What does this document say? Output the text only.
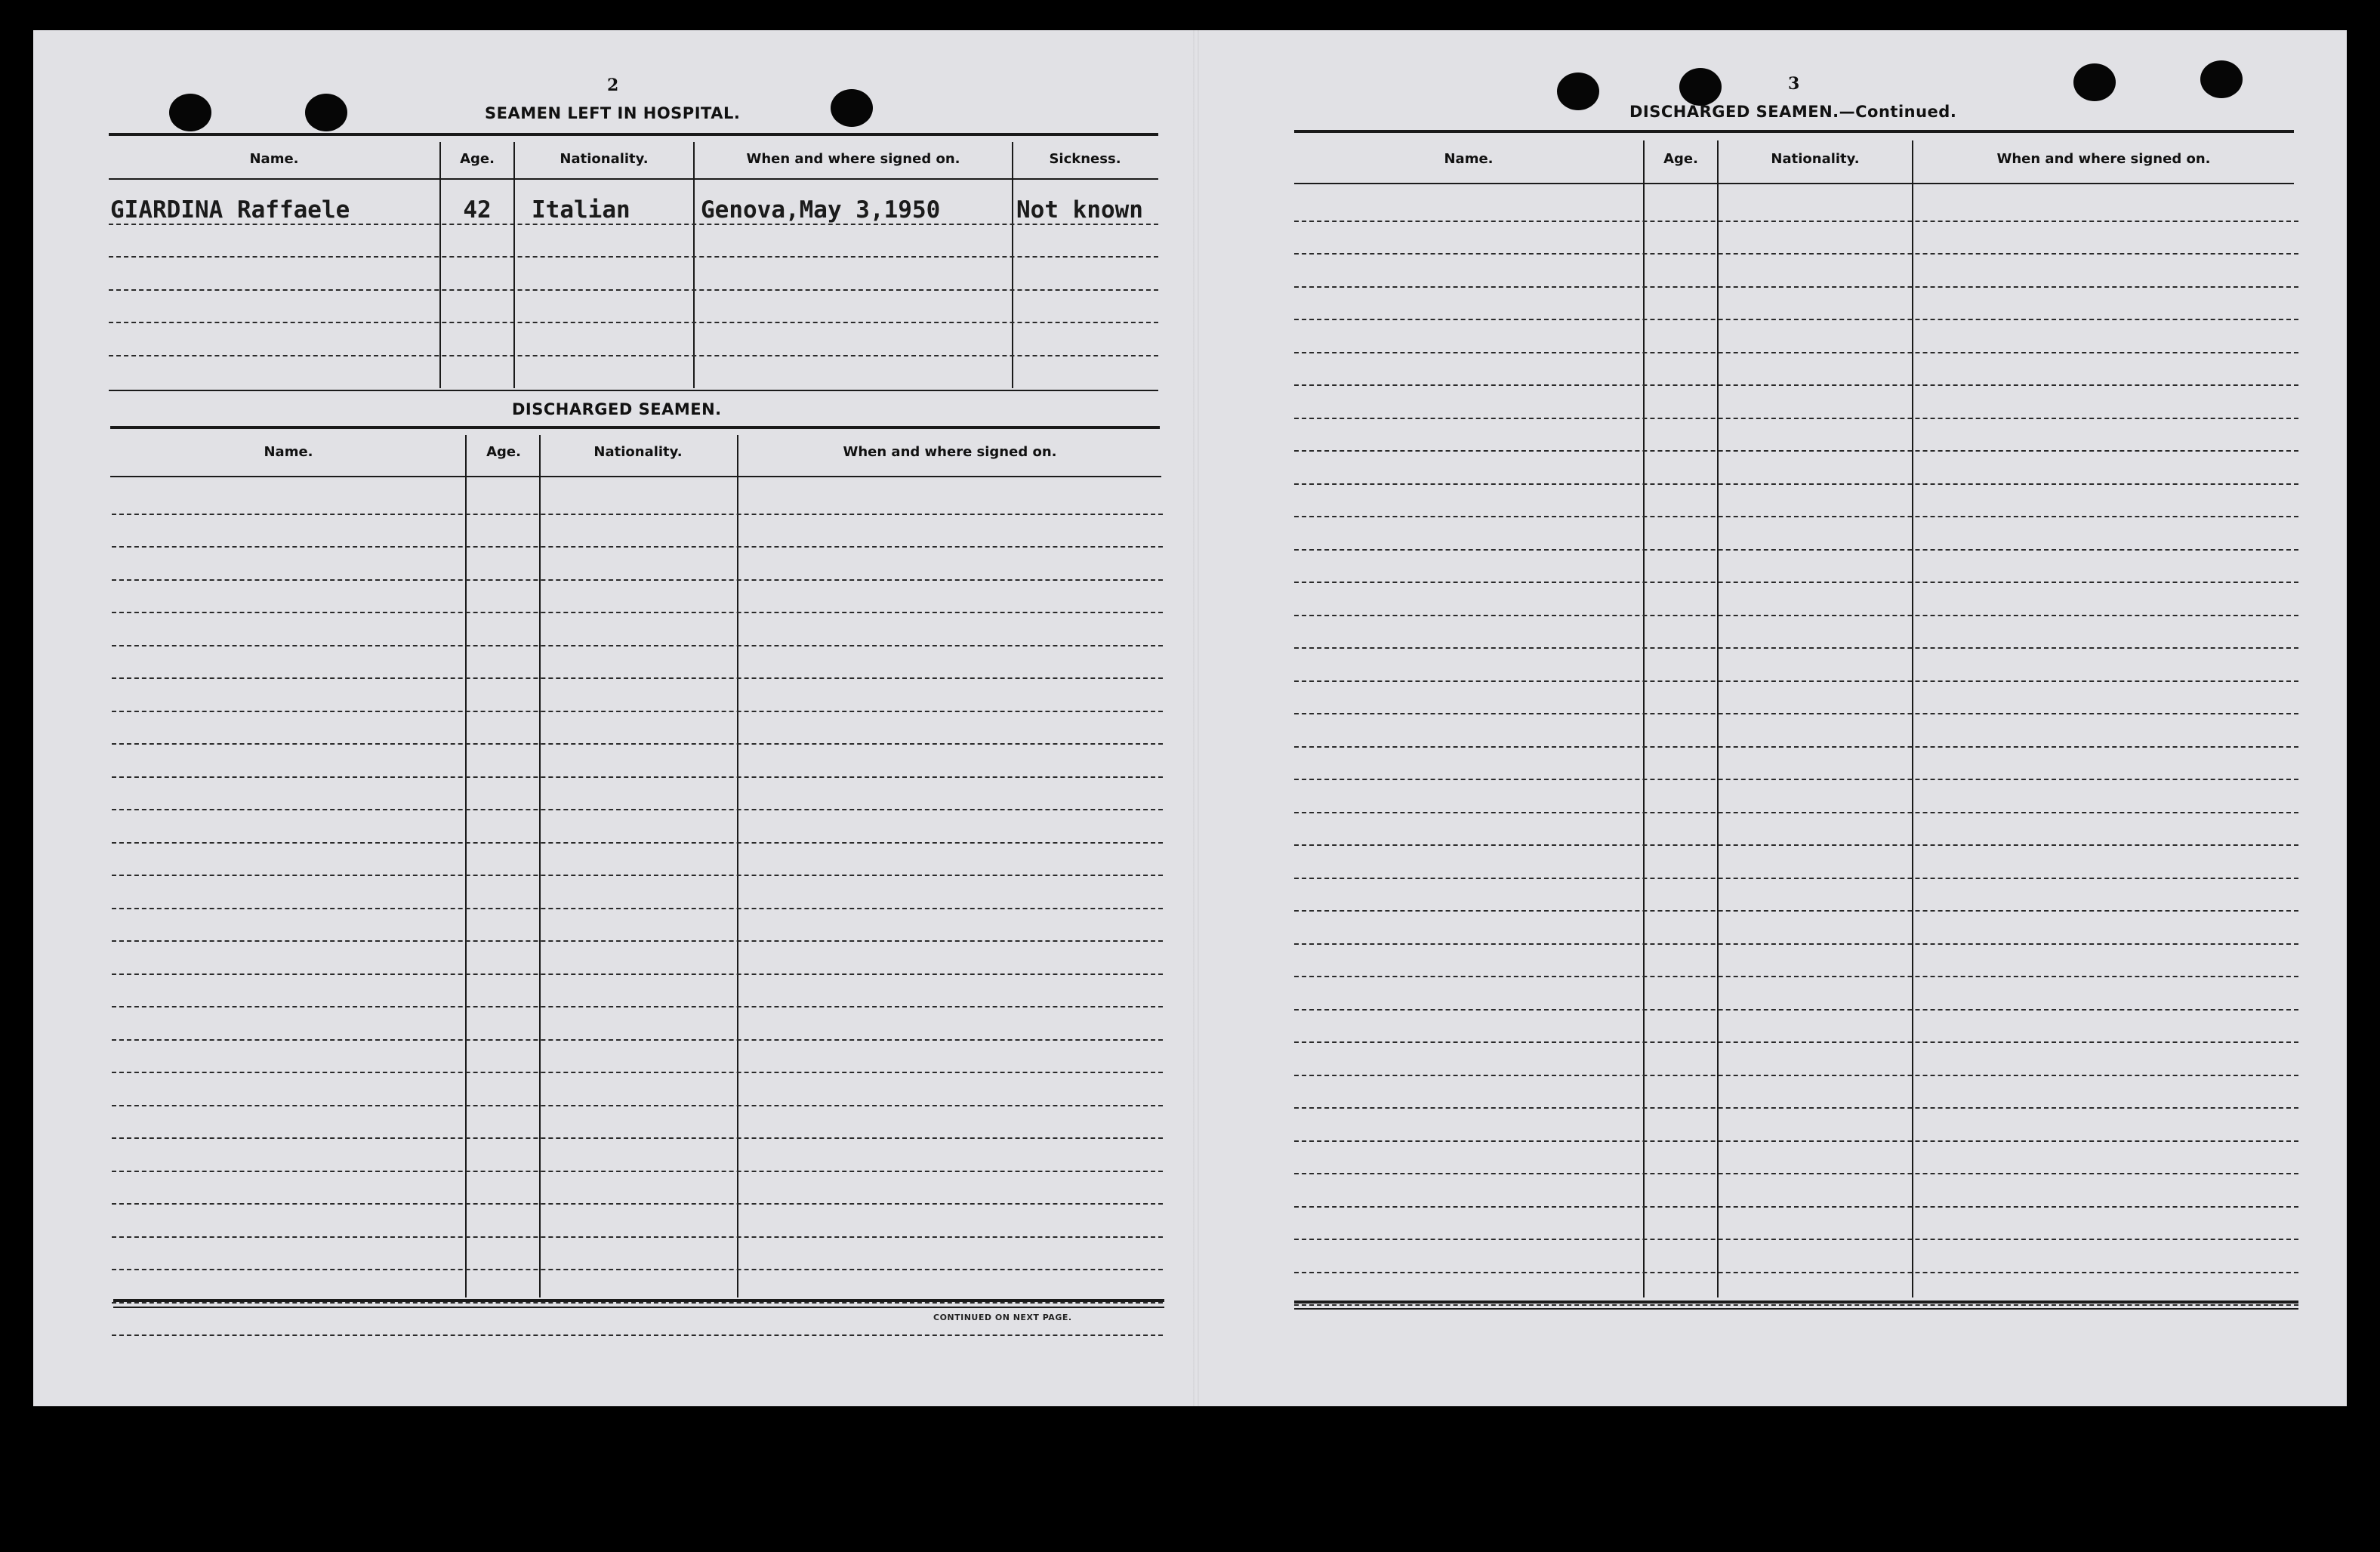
2
SEAMEN LEFT IN HOSPITAL.
Name.	Age.	Nationality.	When and where signed on.	Sickness.
GIARDINA Raffaele	42	Italian	Genova,May 3,1950	Not known
DISCHARGED SEAMEN.
Name.	Age.	Nationality.	When and where signed on.
CONTINUED ON NEXT PAGE.
3
DISCHARGED SEAMEN.—Continued.
Name.	Age.	Nationality.	When and where signed on.
